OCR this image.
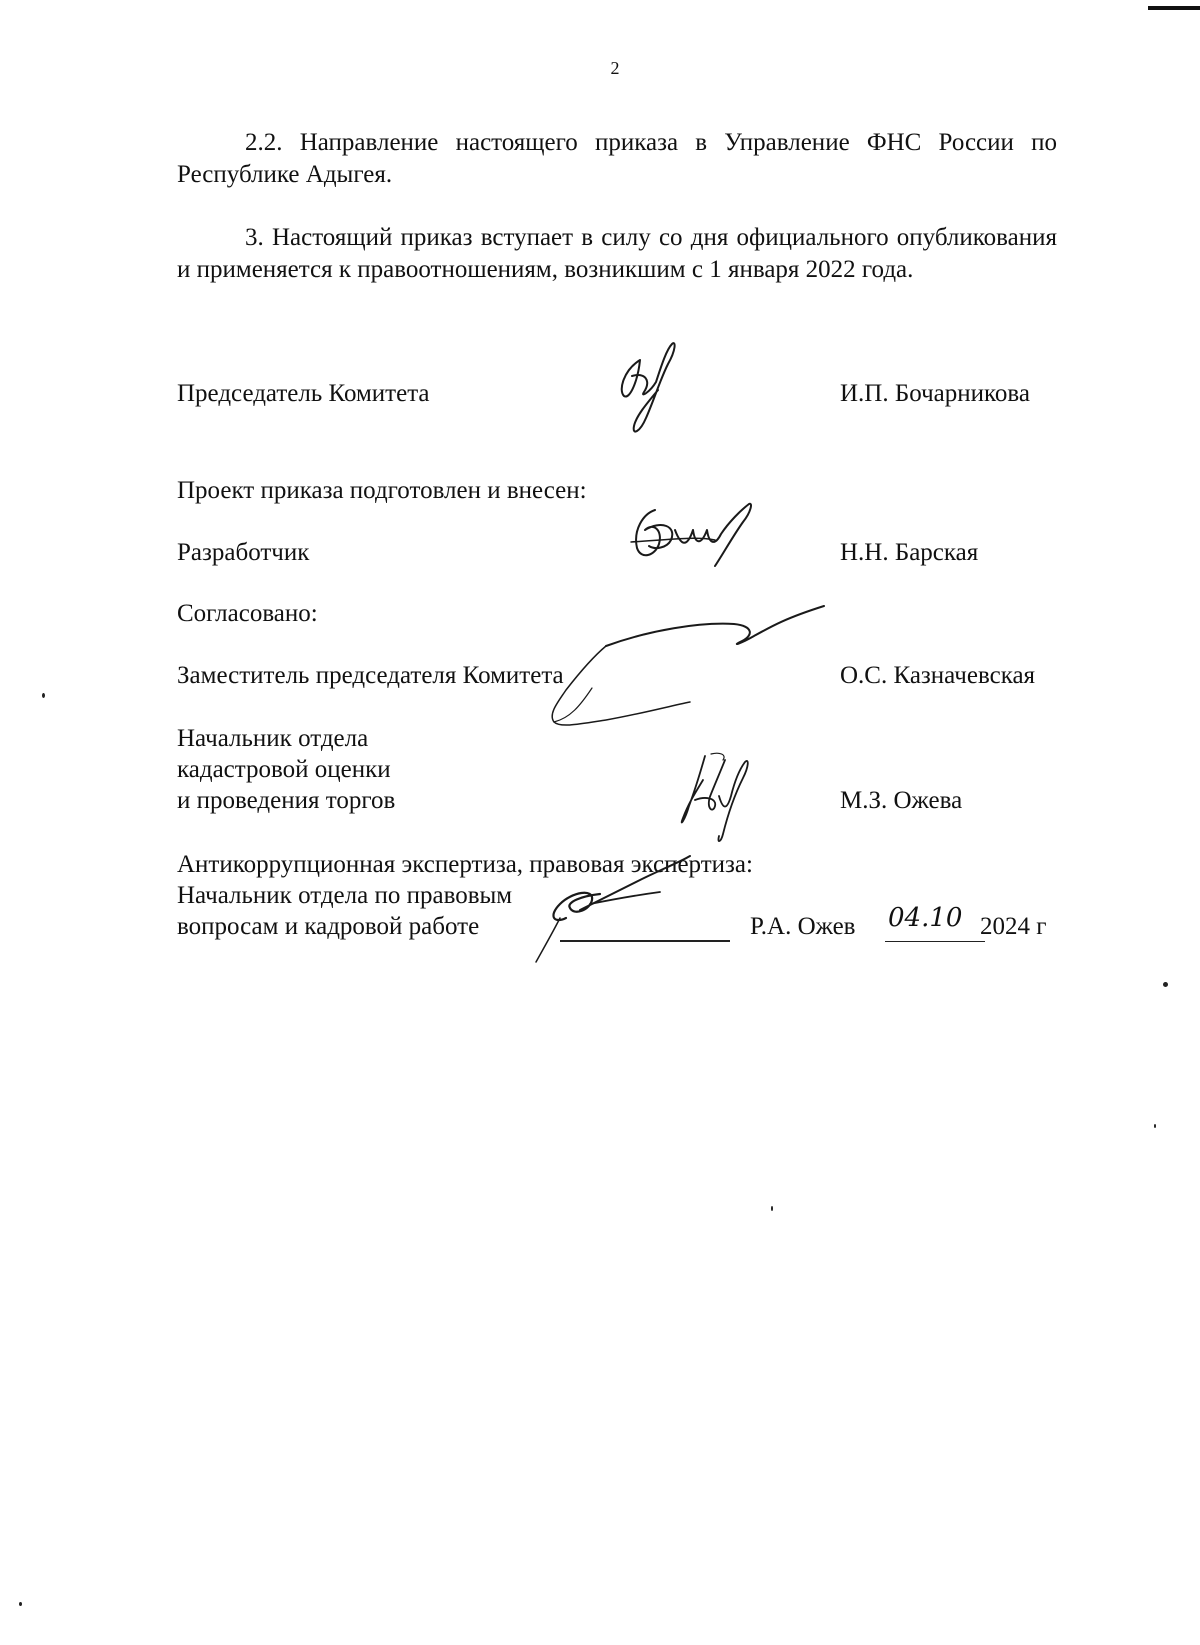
2
2.2. Направление настоящего приказа в Управление ФНС России по Республике Адыгея.
3. Настоящий приказ вступает в силу со дня официального опубликования и применяется к правоотношениям, возникшим с 1 января 2022 года.
Председатель Комитета	И.П. Бочарникова
Проект приказа подготовлен и внесен:
Разработчик	Н.Н. Барская
Согласовано:
Заместитель председателя Комитета	О.С. Казначевская
Начальник отдела
кадастровой оценки
и проведения торгов	М.З. Ожева
Антикоррупционная экспертиза, правовая экспертиза:
Начальник отдела по правовым
вопросам и кадровой работе	Р.А. Ожев 04.10 2024 г
